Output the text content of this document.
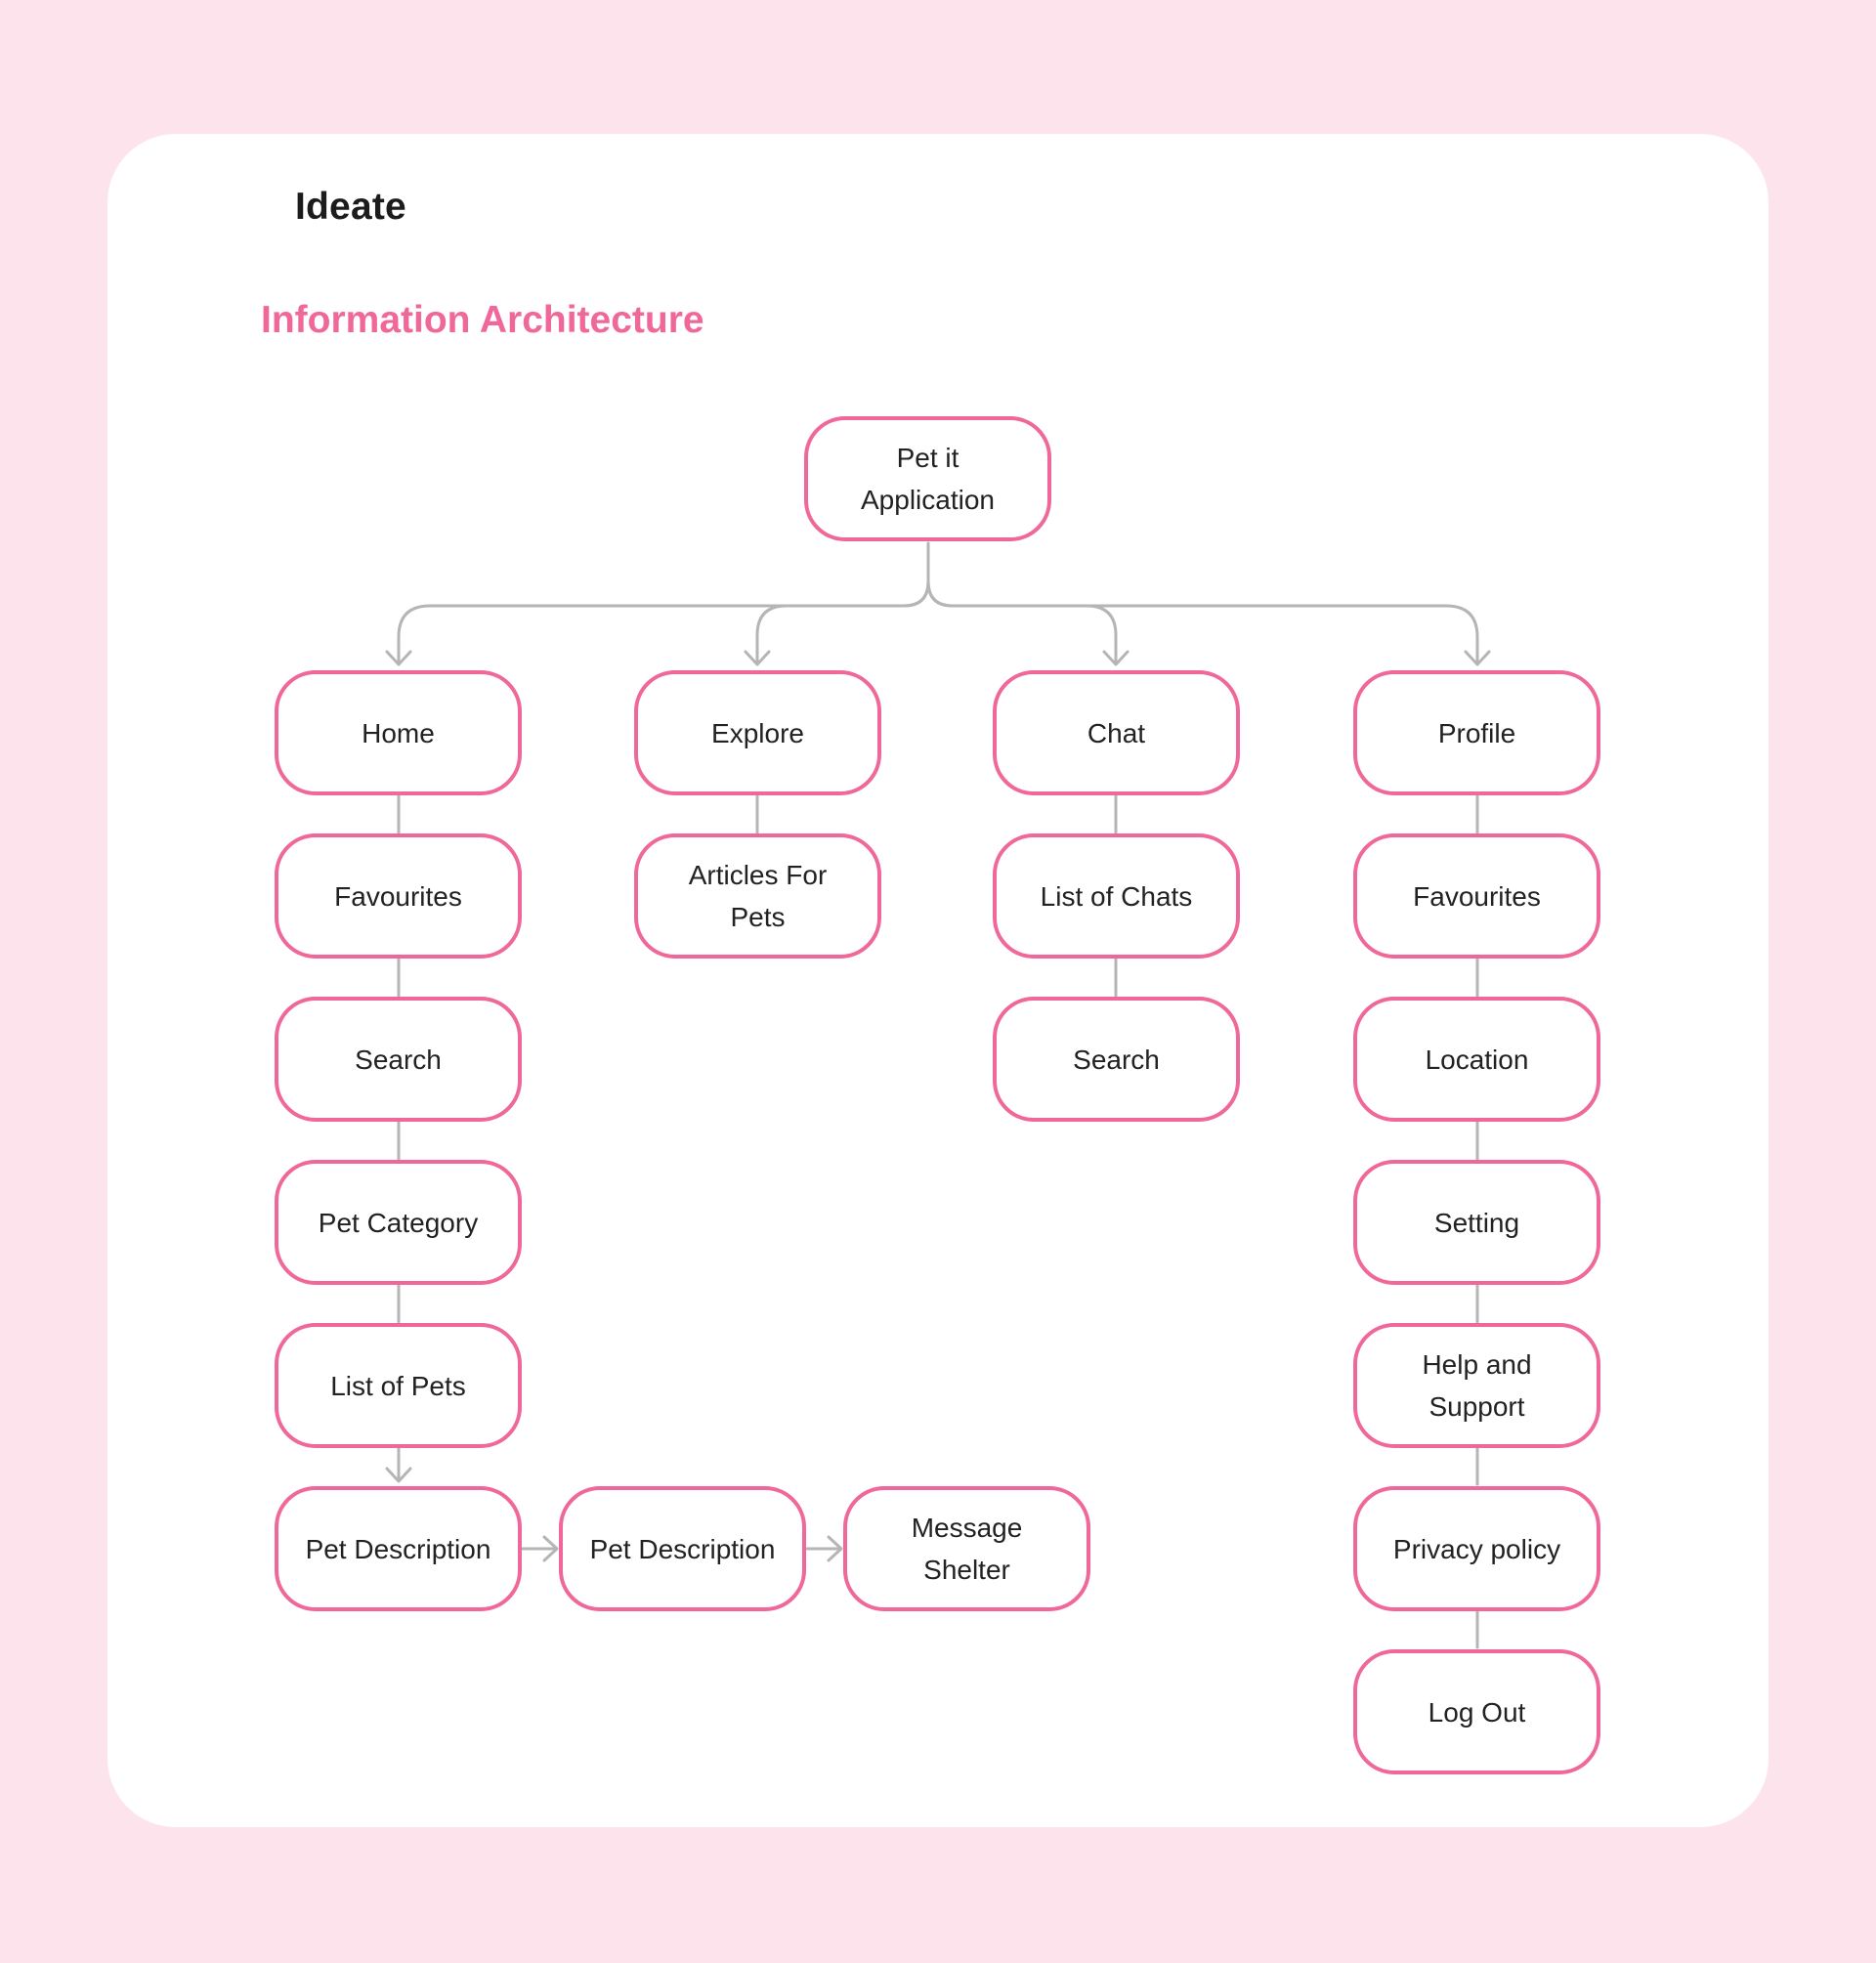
Ideate
Information Architecture
Pet it
Application
Home	Explore	Chat	Profile
Favourites
Search
Pet Category
List of Pets
Pet Description
Articles For
Pets
List of Chats
Search
Favourites
Location
Setting
Help and
Support
Privacy policy
Log Out
Pet Description
Message
Shelter
